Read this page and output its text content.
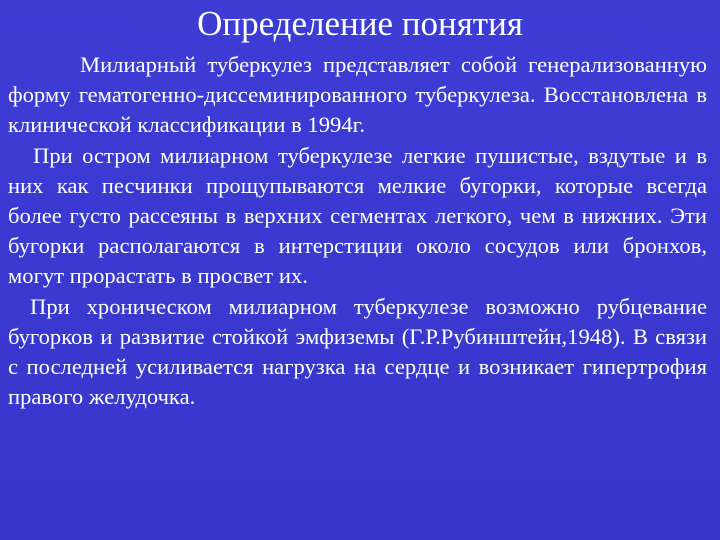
Определение понятия

Милиарный туберкулез представляет собой генерализованную форму гематогенно-диссеминированного туберкулеза. Восстановлена в клинической классификации в 1994г.

При остром милиарном туберкулезе легкие пушистые, вздутые и в них как песчинки прощупываются мелкие бугорки, которые всегда более густо рассеяны в верхних сегментах легкого, чем в нижних. Эти бугорки располагаются в интерстиции около сосудов или бронхов, могут прорастать в просвет их.

При хроническом милиарном туберкулезе возможно рубцевание бугорков и развитие стойкой эмфиземы (Г.Р.Рубинштейн,1948). В связи с последней усиливается нагрузка на сердце и возникает гипертрофия правого желудочка.
